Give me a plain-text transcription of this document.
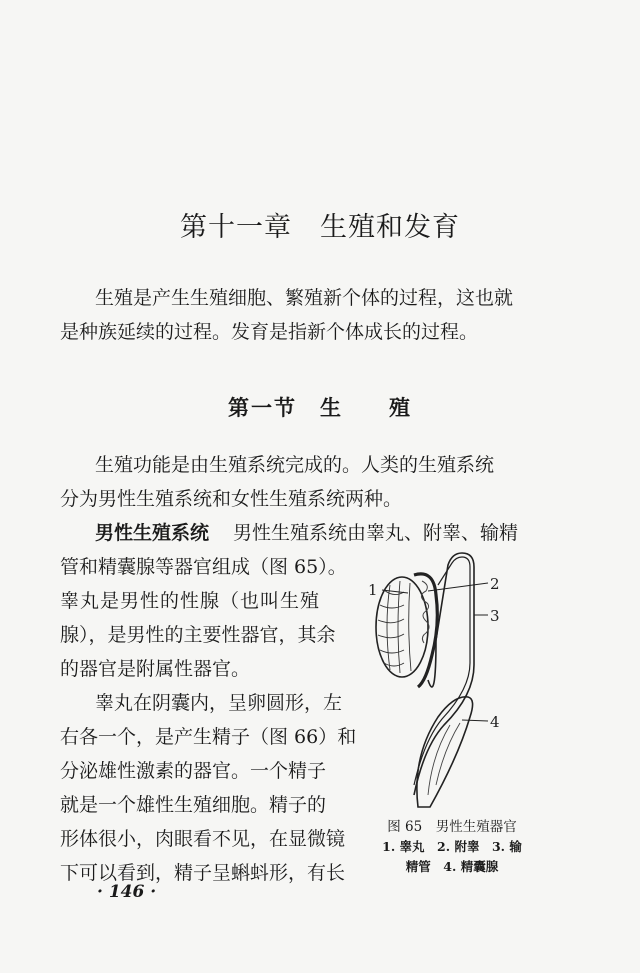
第十一章　生殖和发育
生殖是产生生殖细胞、繁殖新个体的过程，这也就
是种族延续的过程。发育是指新个体成长的过程。
第一节　生　　殖
生殖功能是由生殖系统完成的。人类的生殖系统
分为男性生殖系统和女性生殖系统两种。
男性生殖系统 男性生殖系统由睾丸、附睾、输精
管和精囊腺等器官组成（图 65）。
睾丸是男性的性腺（也叫生殖
腺），是男性的主要性器官，其余
的器官是附属性器官。
睾丸在阴囊内，呈卵圆形，左
右各一个，是产生精子（图 66）和
分泌雄性激素的器官。一个精子
就是一个雄性生殖细胞。精子的
形体很小，肉眼看不见，在显微镜
下可以看到，精子呈蝌蚪形，有长
1	2
3
4
图 65　男性生殖器官
1. 睾丸　2. 附睾　3. 输
精管　4. 精囊腺
· 146 ·
